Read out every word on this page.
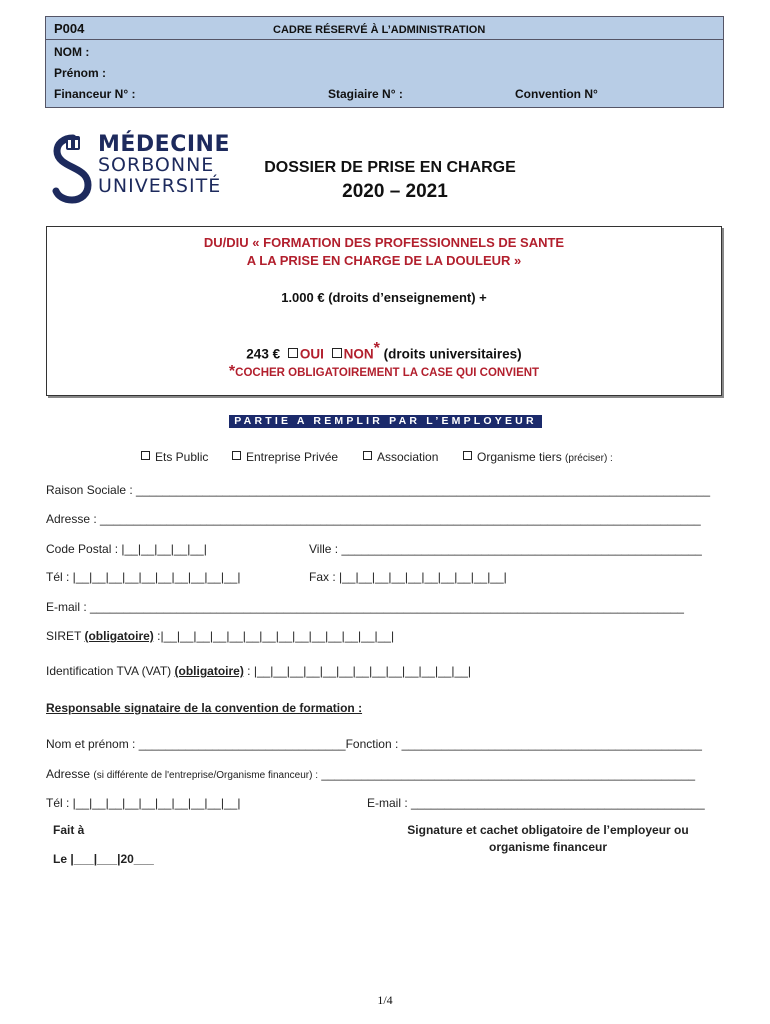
P004	CADRE RÉSERVÉ À L’ADMINISTRATION
NOM :
Prénom :
Financeur N° :	Stagiaire N° :	Convention N°
MÉDECINE
SORBONNE
UNIVERSITÉ
DOSSIER DE PRISE EN CHARGE
2020 – 2021
DU/DIU « FORMATION DES PROFESSIONNELS DE SANTE
A LA PRISE EN CHARGE DE LA DOULEUR »
1.000 € (droits d’enseignement) +
243 € OUI NON* (droits universitaires)
*COCHER OBLIGATOIREMENT LA CASE QUI CONVIENT
PARTIE A REMPLIR PAR L’EMPLOYEUR
Ets Public	Entreprise Privée	Association	Organisme tiers (préciser) :
Raison Sociale : ______________________________________________________________________________________
Adresse : __________________________________________________________________________________________
Code Postal : |__|__|__|__|__|	Ville : ______________________________________________________
Tél : |__|__|__|__|__|__|__|__|__|__|	Fax : |__|__|__|__|__|__|__|__|__|__|
E-mail : _________________________________________________________________________________________
SIRET (obligatoire) :|__|__|__|__|__|__|__|__|__|__|__|__|__|__|
Identification TVA (VAT) (obligatoire) : |__|__|__|__|__|__|__|__|__|__|__|__|__|
Responsable signataire de la convention de formation :
Nom et prénom : _______________________________Fonction : _____________________________________________
Adresse (si différente de l'entreprise/Organisme financeur) : ________________________________________________________
Tél : |__|__|__|__|__|__|__|__|__|__|	E-mail : ____________________________________________
Fait à
Le |___|___|20___
Signature et cachet obligatoire de l’employeur ou
organisme financeur
1/4
